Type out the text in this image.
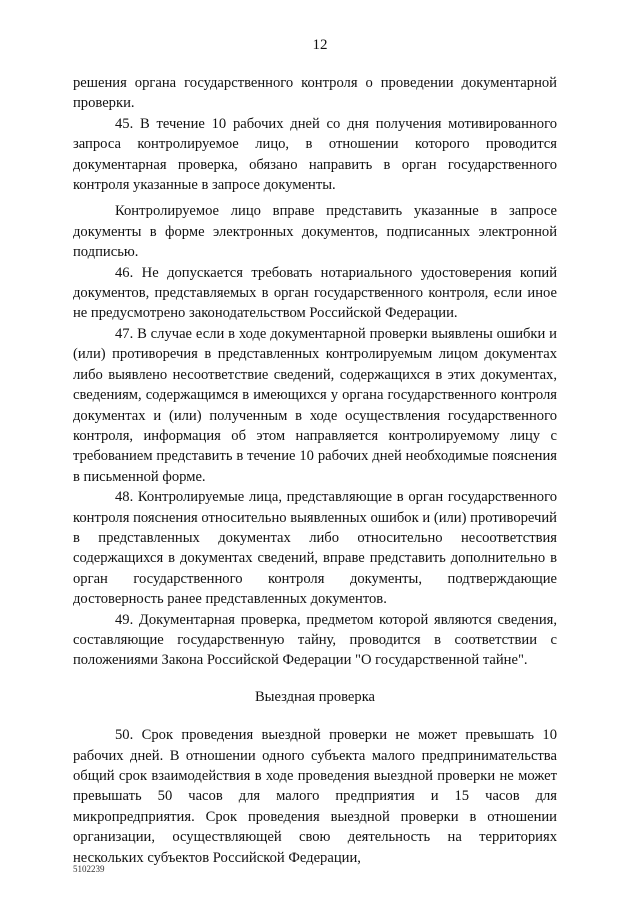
12

решения органа государственного контроля о проведении документарной проверки.

45. В течение 10 рабочих дней со дня получения мотивированного запроса контролируемое лицо, в отношении которого проводится документарная проверка, обязано направить в орган государственного контроля указанные в запросе документы.

Контролируемое лицо вправе представить указанные в запросе документы в форме электронных документов, подписанных электронной подписью.

46. Не допускается требовать нотариального удостоверения копий документов, представляемых в орган государственного контроля, если иное не предусмотрено законодательством Российской Федерации.

47. В случае если в ходе документарной проверки выявлены ошибки и (или) противоречия в представленных контролируемым лицом документах либо выявлено несоответствие сведений, содержащихся в этих документах, сведениям, содержащимся в имеющихся у органа государственного контроля документах и (или) полученным в ходе осуществления государственного контроля, информация об этом направляется контролируемому лицу с требованием представить в течение 10 рабочих дней необходимые пояснения в письменной форме.

48. Контролируемые лица, представляющие в орган государственного контроля пояснения относительно выявленных ошибок и (или) противоречий в представленных документах либо относительно несоответствия содержащихся в документах сведений, вправе представить дополнительно в орган государственного контроля документы, подтверждающие достоверность ранее представленных документов.

49. Документарная проверка, предметом которой являются сведения, составляющие государственную тайну, проводится в соответствии с положениями Закона Российской Федерации "О государственной тайне".

Выездная проверка

50. Срок проведения выездной проверки не может превышать 10 рабочих дней. В отношении одного субъекта малого предпринимательства общий срок взаимодействия в ходе проведения выездной проверки не может превышать 50 часов для малого предприятия и 15 часов для микропредприятия. Срок проведения выездной проверки в отношении организации, осуществляющей свою деятельность на территориях нескольких субъектов Российской Федерации,

5102239
